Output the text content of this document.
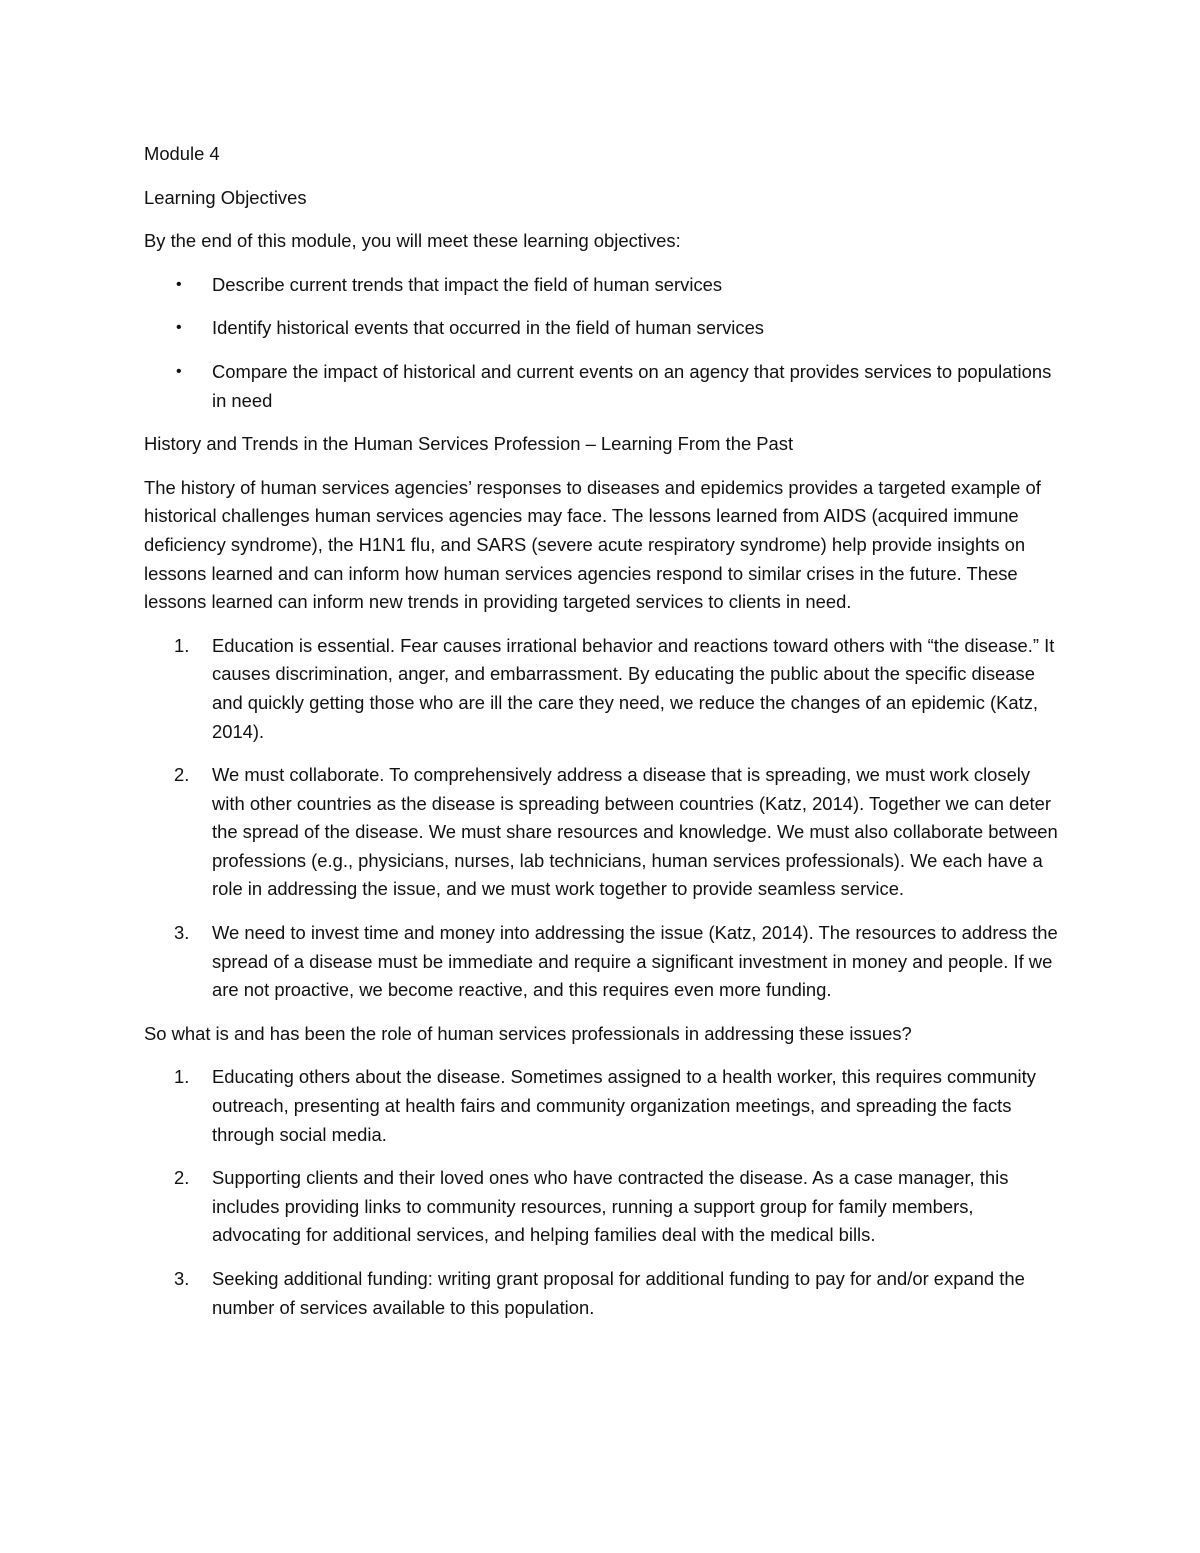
Module 4

Learning Objectives

By the end of this module, you will meet these learning objectives:

• Describe current trends that impact the field of human services
• Identify historical events that occurred in the field of human services
• Compare the impact of historical and current events on an agency that provides services to populations in need

History and Trends in the Human Services Profession – Learning From the Past

The history of human services agencies’ responses to diseases and epidemics provides a targeted example of historical challenges human services agencies may face. The lessons learned from AIDS (acquired immune deficiency syndrome), the H1N1 flu, and SARS (severe acute respiratory syndrome) help provide insights on lessons learned and can inform how human services agencies respond to similar crises in the future. These lessons learned can inform new trends in providing targeted services to clients in need.

1. Education is essential. Fear causes irrational behavior and reactions toward others with “the disease.” It causes discrimination, anger, and embarrassment. By educating the public about the specific disease and quickly getting those who are ill the care they need, we reduce the changes of an epidemic (Katz, 2014).
2. We must collaborate. To comprehensively address a disease that is spreading, we must work closely with other countries as the disease is spreading between countries (Katz, 2014). Together we can deter the spread of the disease. We must share resources and knowledge. We must also collaborate between professions (e.g., physicians, nurses, lab technicians, human services professionals). We each have a role in addressing the issue, and we must work together to provide seamless service.
3. We need to invest time and money into addressing the issue (Katz, 2014). The resources to address the spread of a disease must be immediate and require a significant investment in money and people. If we are not proactive, we become reactive, and this requires even more funding.

So what is and has been the role of human services professionals in addressing these issues?

1. Educating others about the disease. Sometimes assigned to a health worker, this requires community outreach, presenting at health fairs and community organization meetings, and spreading the facts through social media.
2. Supporting clients and their loved ones who have contracted the disease. As a case manager, this includes providing links to community resources, running a support group for family members, advocating for additional services, and helping families deal with the medical bills.
3. Seeking additional funding: writing grant proposal for additional funding to pay for and/or expand the number of services available to this population.
